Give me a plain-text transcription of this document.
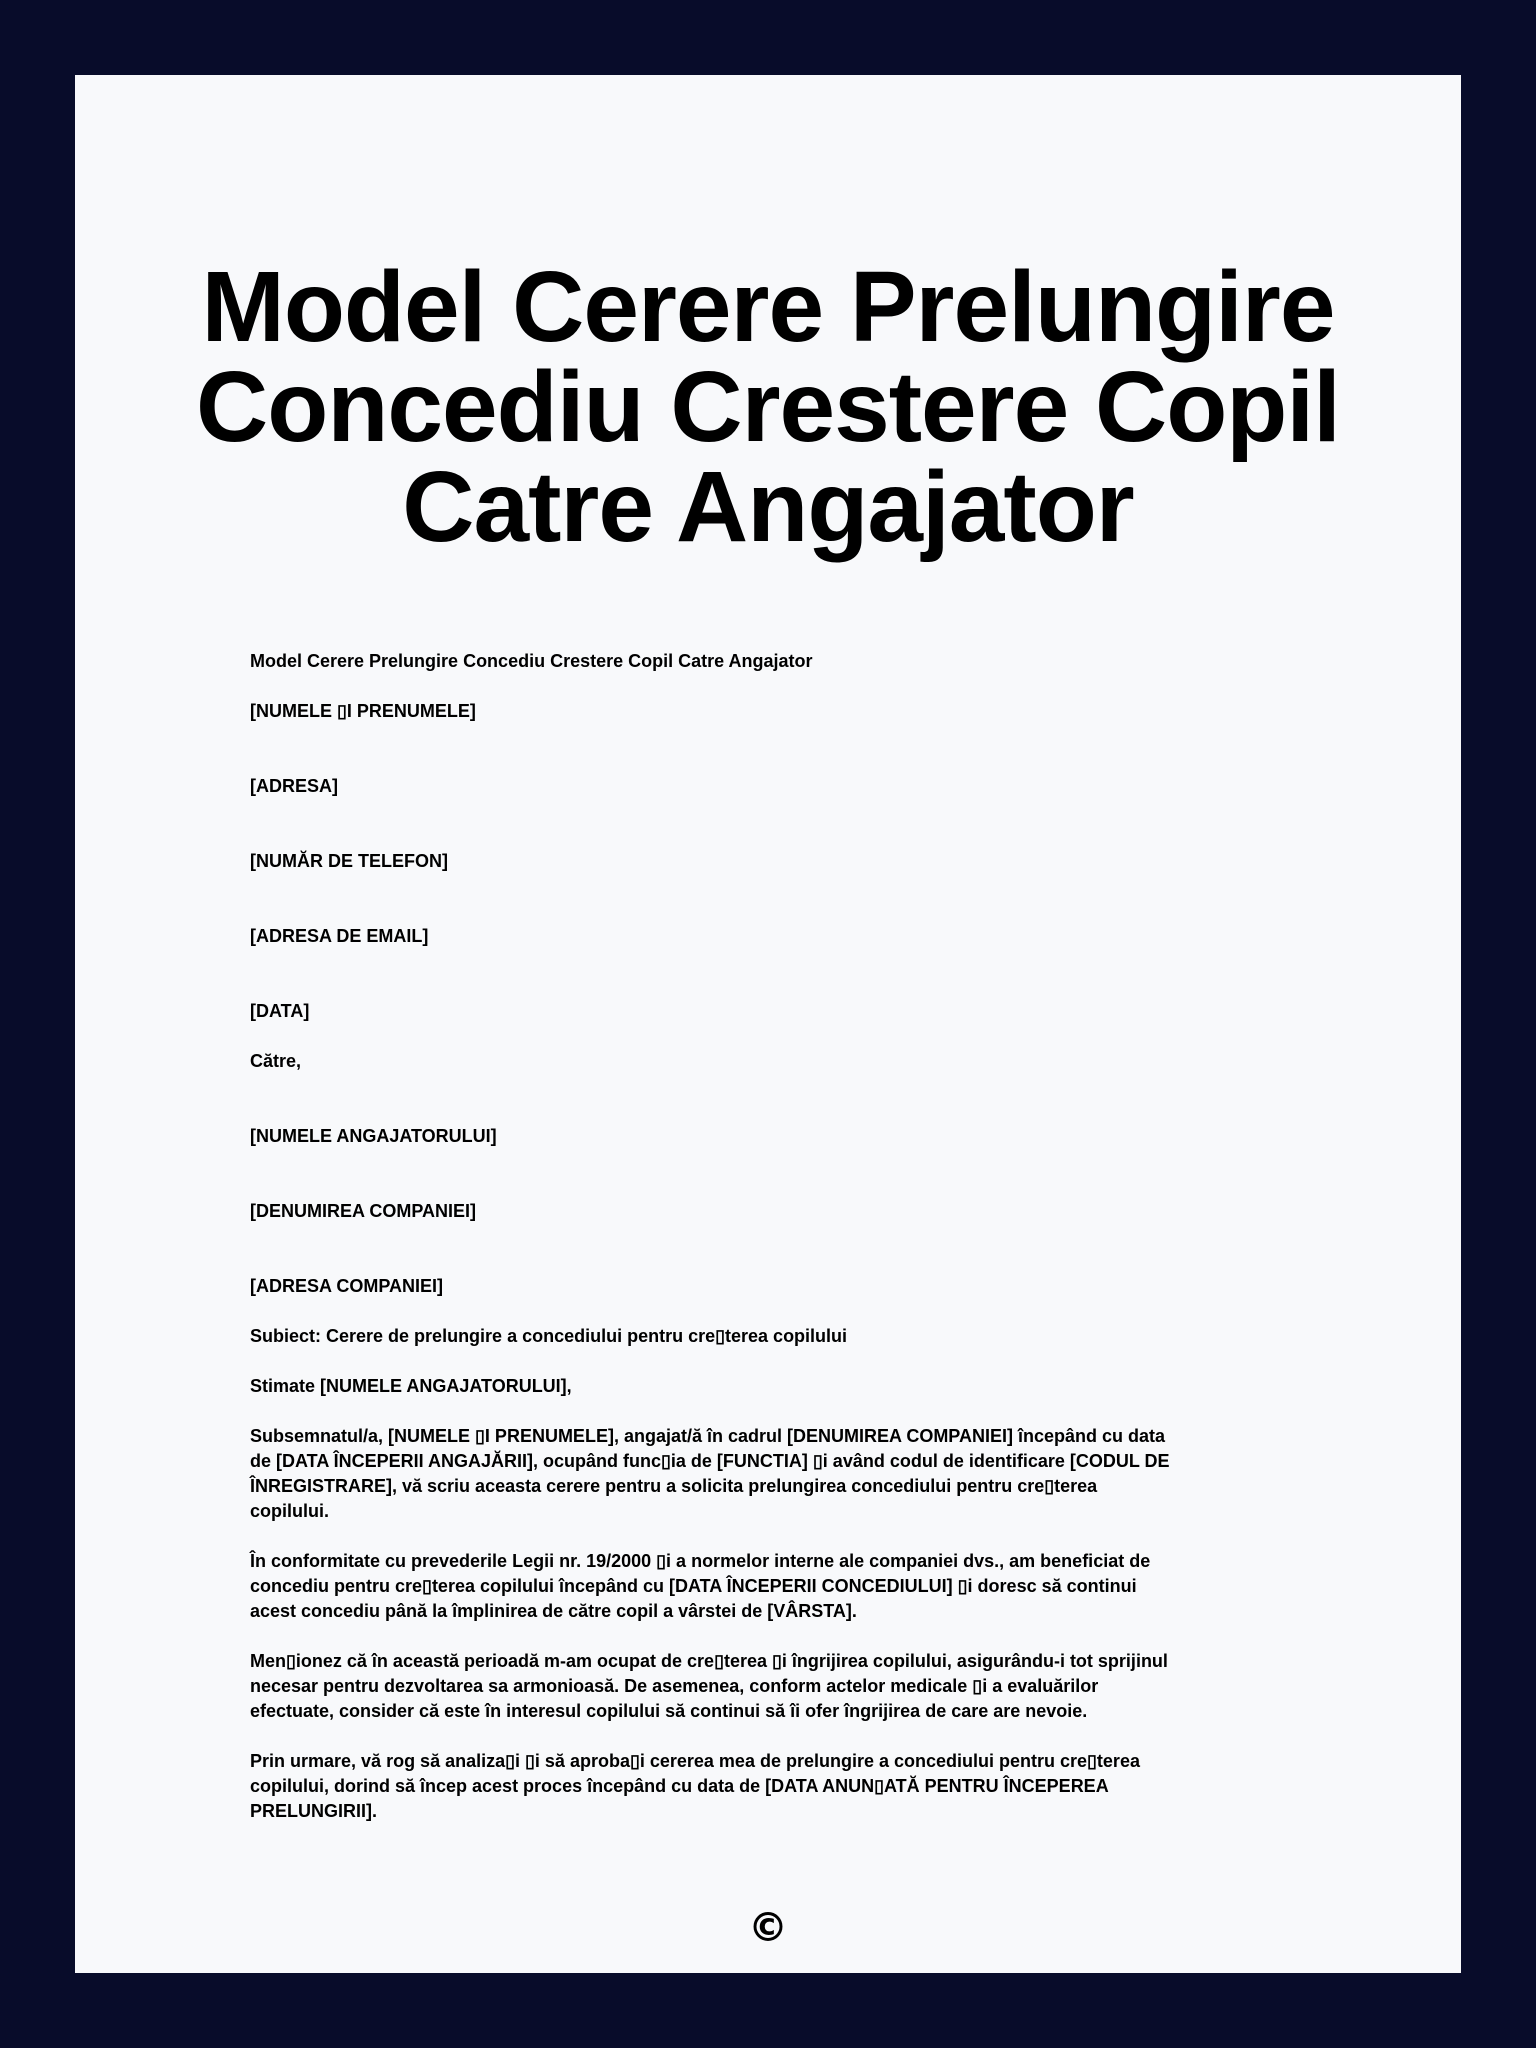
Model Cerere Prelungire
Concediu Crestere Copil
Catre Angajator

Model Cerere Prelungire Concediu Crestere Copil Catre Angajator

[NUMELE ▯I PRENUMELE]

[ADRESA]

[NUMĂR DE TELEFON]

[ADRESA DE EMAIL]

[DATA]

Către,

[NUMELE ANGAJATORULUI]

[DENUMIREA COMPANIEI]

[ADRESA COMPANIEI]

Subiect: Cerere de prelungire a concediului pentru cre▯terea copilului

Stimate [NUMELE ANGAJATORULUI],

Subsemnatul/a, [NUMELE ▯I PRENUMELE], angajat/ă în cadrul [DENUMIREA COMPANIEI] începând cu data
de [DATA ÎNCEPERII ANGAJĂRII], ocupând func▯ia de [FUNCTIA] ▯i având codul de identificare [CODUL DE
ÎNREGISTRARE], vă scriu aceasta cerere pentru a solicita prelungirea concediului pentru cre▯terea
copilului.

În conformitate cu prevederile Legii nr. 19/2000 ▯i a normelor interne ale companiei dvs., am beneficiat de
concediu pentru cre▯terea copilului începând cu [DATA ÎNCEPERII CONCEDIULUI] ▯i doresc să continui
acest concediu până la împlinirea de către copil a vârstei de [VÂRSTA].

Men▯ionez că în această perioadă m-am ocupat de cre▯terea ▯i îngrijirea copilului, asigurându-i tot sprijinul
necesar pentru dezvoltarea sa armonioasă. De asemenea, conform actelor medicale ▯i a evaluărilor
efectuate, consider că este în interesul copilului să continui să îi ofer îngrijirea de care are nevoie.

Prin urmare, vă rog să analiza▯i ▯i să aproba▯i cererea mea de prelungire a concediului pentru cre▯terea
copilului, dorind să încep acest proces începând cu data de [DATA ANUN▯ATĂ PENTRU ÎNCEPEREA
PRELUNGIRII].

©
